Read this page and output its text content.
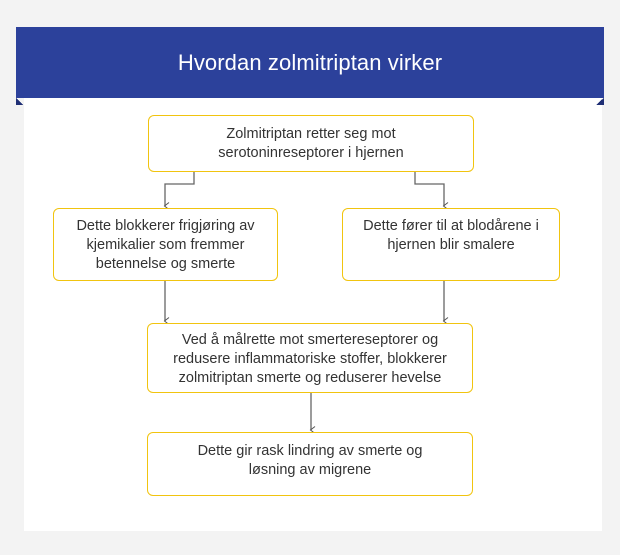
Hvordan zolmitriptan virker
Zolmitriptan retter seg mot serotoninreseptorer i hjernen
Dette blokkerer frigjøring av kjemikalier som fremmer betennelse og smerte
Dette fører til at blodårene i hjernen blir smalere
Ved å målrette mot smertereseptorer og redusere inflammatoriske stoffer, blokkerer zolmitriptan smerte og reduserer hevelse
Dette gir rask lindring av smerte og løsning av migrene
